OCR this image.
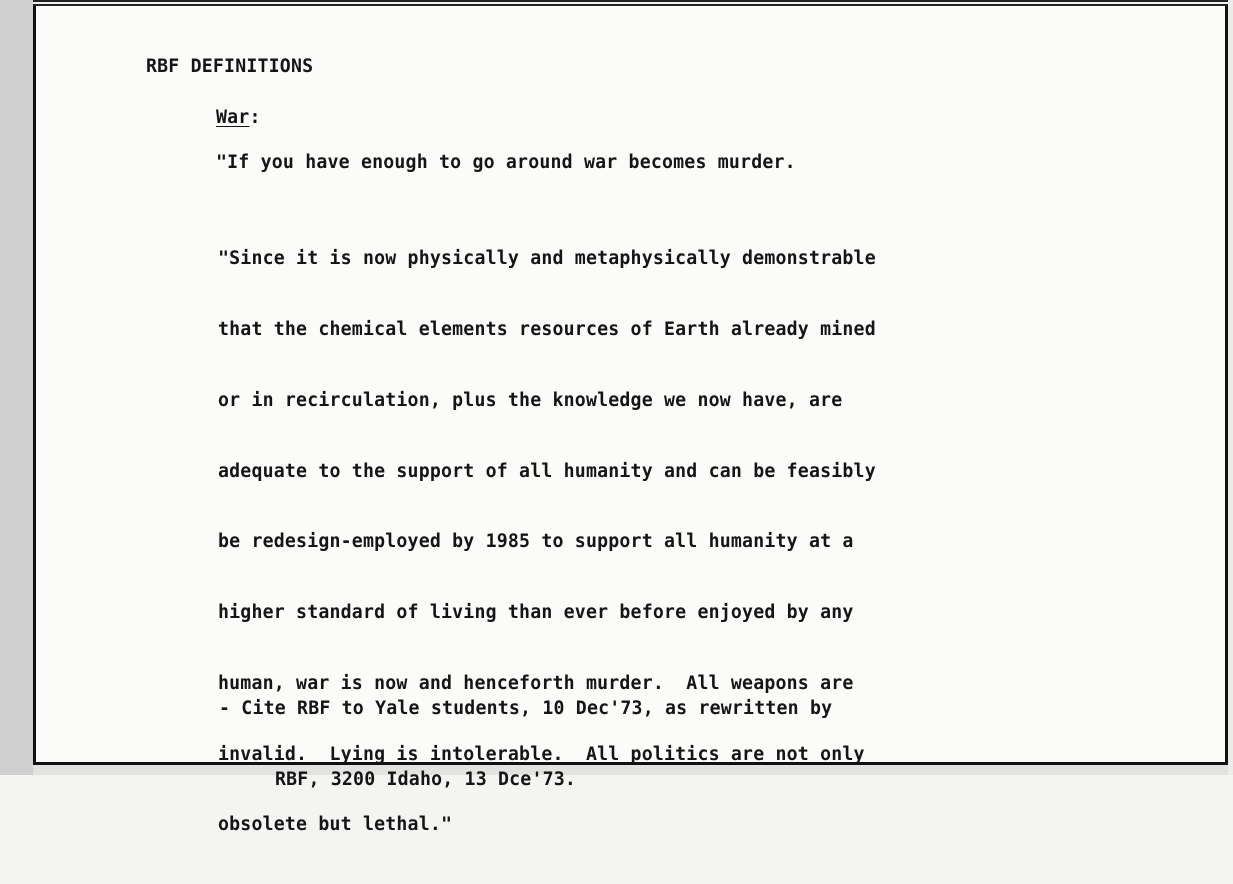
RBF DEFINITIONS
War:
"If you have enough to go around war becomes murder.

"Since it is now physically and metaphysically demonstrable

that the chemical elements resources of Earth already mined

or in recirculation, plus the knowledge we now have, are

adequate to the support of all humanity and can be feasibly

be redesign-employed by 1985 to support all humanity at a

higher standard of living than ever before enjoyed by any

human, war is now and henceforth murder.  All weapons are

invalid.  Lying is intolerable.  All politics are not only

obsolete but lethal."

- Cite RBF to Yale students, 10 Dec'73, as rewritten by

RBF, 3200 Idaho, 13 Dce'73.
